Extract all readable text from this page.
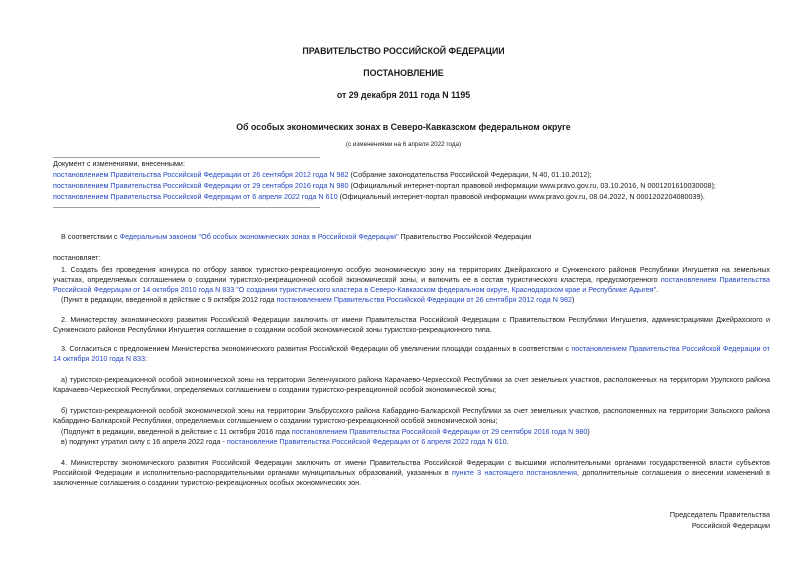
ПРАВИТЕЛЬСТВО РОССИЙСКОЙ ФЕДЕРАЦИИ
ПОСТАНОВЛЕНИЕ
от 29 декабря 2011 года N 1195
Об особых экономических зонах в Северо-Кавказском федеральном округе
(с изменениями на 6 апреля 2022 года)
Документ с изменениями, внесенными:
постановлением Правительства Российской Федерации от 26 сентября 2012 года N 982 (Собрание законодательства Российской Федерации, N 40, 01.10.2012);
постановлением Правительства Российской Федерации от 29 сентября 2016 года N 980 (Официальный интернет-портал правовой информации www.pravo.gov.ru, 03.10.2016, N 0001201610030008);
постановлением Правительства Российской Федерации от 6 апреля 2022 года N 610 (Официальный интернет-портал правовой информации www.pravo.gov.ru, 08.04.2022, N 0001202204080039).

В соответствии с Федеральным законом "Об особых экономических зонах в Российской Федерации" Правительство Российской Федерации

постановляет:

1. Создать без проведения конкурса по отбору заявок туристско-рекреационную особую экономическую зону на территориях Джейрахского и Сунженского районов Республики Ингушетия на земельных участках, определяемых соглашением о создании туристско-рекреационной особой экономической зоны, и включить ее в состав туристического кластера, предусмотренного постановлением Правительства Российской Федерации от 14 октября 2010 года N 833 "О создании туристического кластера в Северо-Кавказском федеральном округе, Краснодарском крае и Республике Адыгея".

(Пункт в редакции, введенной в действие с 9 октября 2012 года постановлением Правительства Российской Федерации от 26 сентября 2012 года N 982)

2. Министерству экономического развития Российской Федерации заключить от имени Правительства Российской Федерации с Правительством Республики Ингушетия, администрациями Джейрахского и Сунженского районов Республики Ингушетия соглашение о создании особой экономической зоны туристско-рекреационного типа.

3. Согласиться с предложением Министерства экономического развития Российской Федерации об увеличении площади созданных в соответствии с постановлением Правительства Российской Федерации от 14 октября 2010 года N 833:

а) туристско-рекреационной особой экономической зоны на территории Зеленчукского района Карачаево-Черкесской Республики за счет земельных участков, расположенных на территории Урупского района Карачаево-Черкесской Республики, определяемых соглашением о создании туристско-рекреационной особой экономической зоны;

б) туристско-рекреационной особой экономической зоны на территории Эльбрусского района Кабардино-Балкарской Республики за счет земельных участков, расположенных на территории Зольского района Кабардино-Балкарской Республики, определяемых соглашением о создании туристско-рекреационной особой экономической зоны;

(Подпункт в редакции, введенной в действие с 11 октября 2016 года постановлением Правительства Российской Федерации от 29 сентября 2016 года N 980)

в) подпункт утратил силу с 16 апреля 2022 года - постановление Правительства Российской Федерации от 6 апреля 2022 года N 610.

4. Министерству экономического развития Российской Федерации заключить от имени Правительства Российской Федерации с высшими исполнительными органами государственной власти субъектов Российской Федерации и исполнительно-распорядительными органами муниципальных образований, указанных в пункте 3 настоящего постановления, дополнительные соглашения о внесении изменений в заключенные соглашения о создании туристско-рекреационных особых экономических зон.

Председатель Правительства
Российской Федерации
